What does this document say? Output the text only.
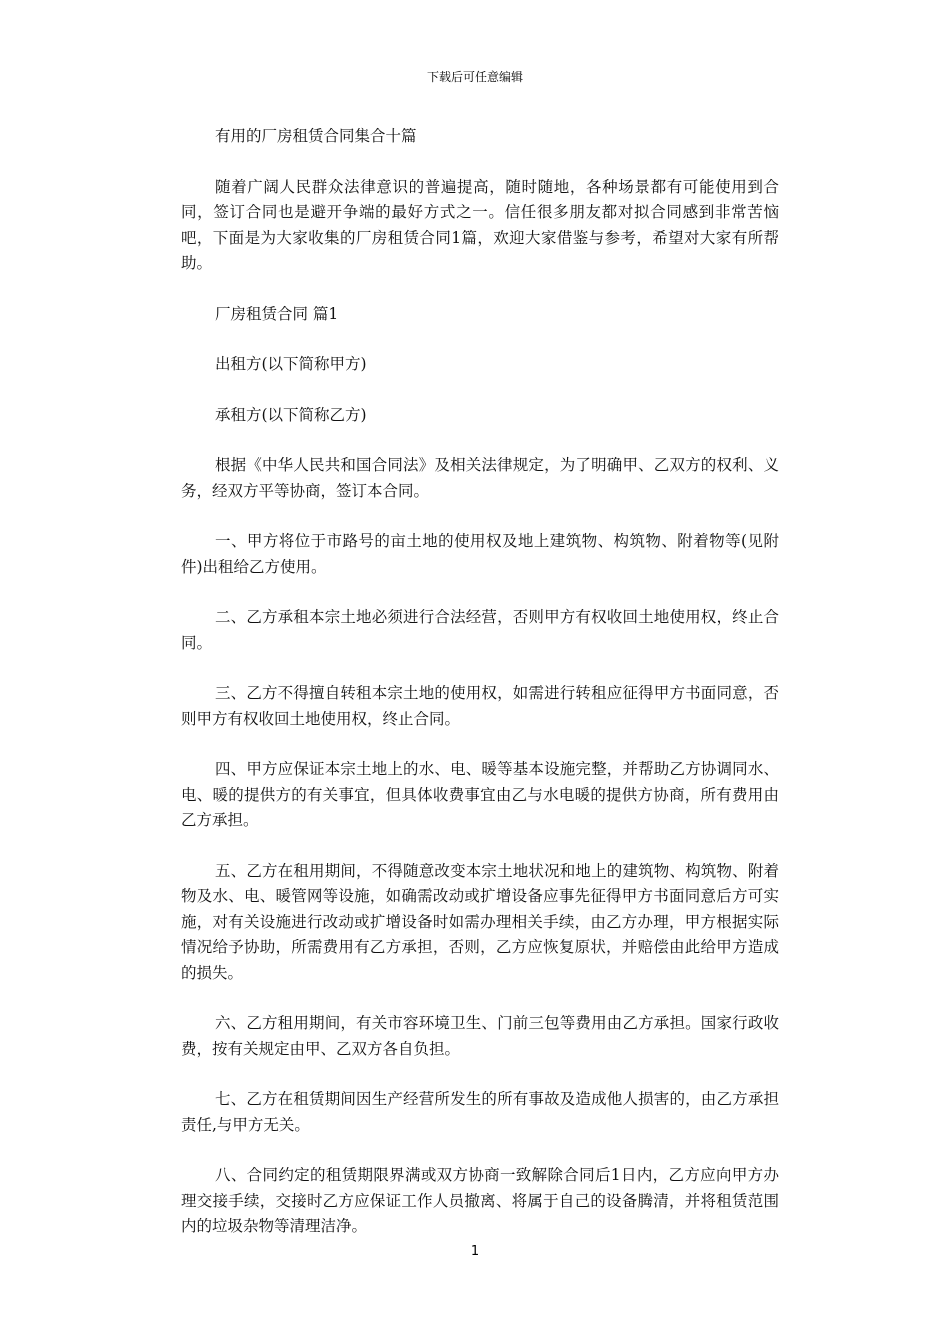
下载后可任意编辑

有用的厂房租赁合同集合十篇

随着广阔人民群众法律意识的普遍提高，随时随地，各种场景都有可能使用到合同，签订合同也是避开争端的最好方式之一。信任很多朋友都对拟合同感到非常苦恼吧，下面是为大家收集的厂房租赁合同1篇，欢迎大家借鉴与参考，希望对大家有所帮助。

厂房租赁合同 篇1

出租方(以下简称甲方)

承租方(以下简称乙方)

根据《中华人民共和国合同法》及相关法律规定，为了明确甲、乙双方的权利、义务，经双方平等协商，签订本合同。

一、甲方将位于市路号的亩土地的使用权及地上建筑物、构筑物、附着物等(见附件)出租给乙方使用。

二、乙方承租本宗土地必须进行合法经营，否则甲方有权收回土地使用权，终止合同。

三、乙方不得擅自转租本宗土地的使用权，如需进行转租应征得甲方书面同意，否则甲方有权收回土地使用权，终止合同。

四、甲方应保证本宗土地上的水、电、暖等基本设施完整，并帮助乙方协调同水、电、暖的提供方的有关事宜，但具体收费事宜由乙与水电暖的提供方协商，所有费用由乙方承担。

五、乙方在租用期间，不得随意改变本宗土地状况和地上的建筑物、构筑物、附着物及水、电、暖管网等设施，如确需改动或扩增设备应事先征得甲方书面同意后方可实施，对有关设施进行改动或扩增设备时如需办理相关手续，由乙方办理，甲方根据实际情况给予协助，所需费用有乙方承担，否则，乙方应恢复原状，并赔偿由此给甲方造成的损失。

六、乙方租用期间，有关市容环境卫生、门前三包等费用由乙方承担。国家行政收费，按有关规定由甲、乙双方各自负担。

七、乙方在租赁期间因生产经营所发生的所有事故及造成他人损害的，由乙方承担责任,与甲方无关。

八、合同约定的租赁期限界满或双方协商一致解除合同后1日内，乙方应向甲方办理交接手续，交接时乙方应保证工作人员撤离、将属于自己的设备腾清，并将租赁范围内的垃圾杂物等清理洁净。

1
